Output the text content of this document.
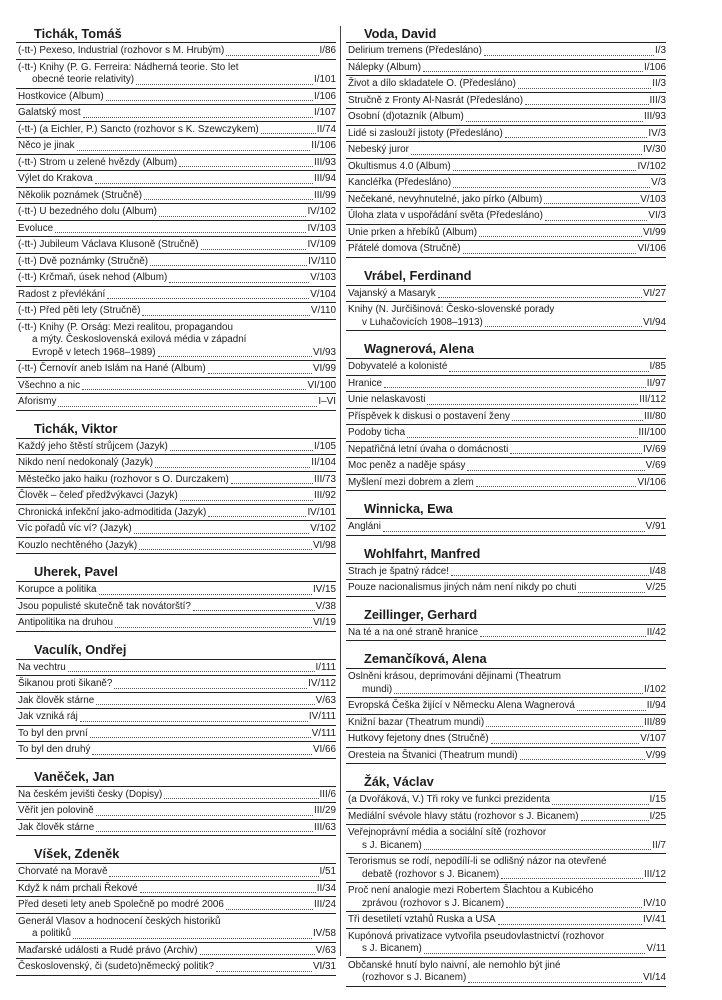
Tichák, Tomáš
(-tt-) Pexeso, Industrial (rozhovor s M. Hrubým)	I/86
(-tt-) Knihy (P. G. Ferreira: Nádherná teorie. Sto let
obecné teorie relativity)	I/101
Hostkovice (Album)	I/106
Galatský most	I/107
(-tt-) (a Eichler, P.) Sancto (rozhovor s K. Szewczykem)	II/74
Něco je jinak	II/106
(-tt-) Strom u zelené hvězdy (Album)	III/93
Výlet do Krakova	III/94
Několik poznámek (Stručně)	III/99
(-tt-) U bezedného dolu (Album)	IV/102
Evoluce	IV/103
(-tt-) Jubileum Václava Klusoně (Stručně)	IV/109
(-tt-) Dvě poznámky (Stručně)	IV/110
(-tt-) Krčmaň, úsek nehod (Album)	V/103
Radost z převlékání	V/104
(-tt-) Před pěti lety (Stručně)	V/110
(-tt-) Knihy (P. Orság: Mezi realitou, propagandou
a mýty. Československá exilová média v západní
Evropě v letech 1968–1989)	VI/93
(-tt-) Černovír aneb Islám na Hané (Album)	VI/99
Všechno a nic	VI/100
Aforismy	I–VI
Tichák, Viktor
Každý jeho štěstí strůjcem (Jazyk)	I/105
Nikdo není nedokonalý (Jazyk)	II/104
Městečko jako haiku (rozhovor s O. Durczakem)	III/73
Člověk – čeleď předžvýkavci (Jazyk)	III/92
Chronická infekční jako-admoditida (Jazyk)	IV/101
Víc pořadů víc ví? (Jazyk)	V/102
Kouzlo nechtěného (Jazyk)	VI/98
Uherek, Pavel
Korupce a politika	IV/15
Jsou populisté skutečně tak novátorští?	V/38
Antipolitika na druhou	VI/19
Vaculík, Ondřej
Na vechtru	I/111
Šikanou proti šikaně?	IV/112
Jak člověk stárne	V/63
Jak vzniká ráj	IV/111
To byl den první	V/111
To byl den druhý	VI/66
Vaněček, Jan
Na českém jevišti česky (Dopisy)	III/6
Věřit jen polovině	III/29
Jak člověk stárne	III/63
Víšek, Zdeněk
Chorvaté na Moravě	I/51
Když k nám prchali Řekové	II/34
Před deseti lety aneb Společně po modré 2006	III/24
Generál Vlasov a hodnocení českých historiků
a politiků	IV/58
Maďarské události a Rudé právo (Archiv)	V/63
Československý, či (sudeto)německý politik?	VI/31
Voda, David
Delirium tremens (Předesláno)	I/3
Nálepky (Album)	I/106
Život a dílo skladatele O. (Předesláno)	II/3
Stručně z Fronty Al-Nasrát (Předesláno)	III/3
Osobní (d)otazník (Album)	III/93
Lidé si zaslouží jistoty (Předesláno)	IV/3
Nebeský juror	IV/30
Okultismus 4.0 (Album)	IV/102
Kancléřka (Předesláno)	V/3
Nečekané, nevyhnutelné, jako pírko (Album)	V/103
Úloha zlata v uspořádání světa (Předesláno)	VI/3
Unie prken a hřebíků (Album)	VI/99
Přátelé domova (Stručně)	VI/106
Vrábel, Ferdinand
Vajanský a Masaryk	VI/27
Knihy (N. Jurčišinová: Česko-slovenské porady
v Luhačovicích 1908–1913)	VI/94
Wagnerová, Alena
Dobyvatelé a kolonisté	I/85
Hranice	II/97
Unie nelaskavosti	III/112
Příspěvek k diskusi o postavení ženy	III/80
Podoby ticha	III/100
Nepatřičná letní úvaha o domácnosti	IV/69
Moc peněz a naděje spásy	V/69
Myšlení mezi dobrem a zlem	VI/106
Winnicka, Ewa
Angláni	V/91
Wohlfahrt, Manfred
Strach je špatný rádce!	I/48
Pouze nacionalismus jiných nám není nikdy po chuti	V/25
Zeillinger, Gerhard
Na té a na oné straně hranice	II/42
Zemančíková, Alena
Oslněni krásou, deprimováni dějinami (Theatrum
mundi)	I/102
Evropská Češka žijící v Německu Alena Wagnerová	II/94
Knižní bazar (Theatrum mundi)	III/89
Hutkovy fejetony dnes (Stručně)	V/107
Oresteia na Štvanici (Theatrum mundi)	V/99
Žák, Václav
(a Dvořáková, V.) Tři roky ve funkci prezidenta	I/15
Mediální svévole hlavy státu (rozhovor s J. Bicanem)	I/25
Veřejnoprávní média a sociální sítě (rozhovor
s J. Bicanem)	II/7
Terorismus se rodí, nepodílí-li se odlišný názor na otevřené
debatě (rozhovor s J. Bicanem)	III/12
Proč není analogie mezi Robertem Šlachtou a Kubicého
zprávou (rozhovor s J. Bicanem)	IV/10
Tři desetiletí vztahů Ruska a USA	IV/41
Kupónová privatizace vytvořila pseudovlastnictví (rozhovor
s J. Bicanem)	V/11
Občanské hnutí bylo naivní, ale nemohlo být jiné
(rozhovor s J. Bicanem)	VI/14
